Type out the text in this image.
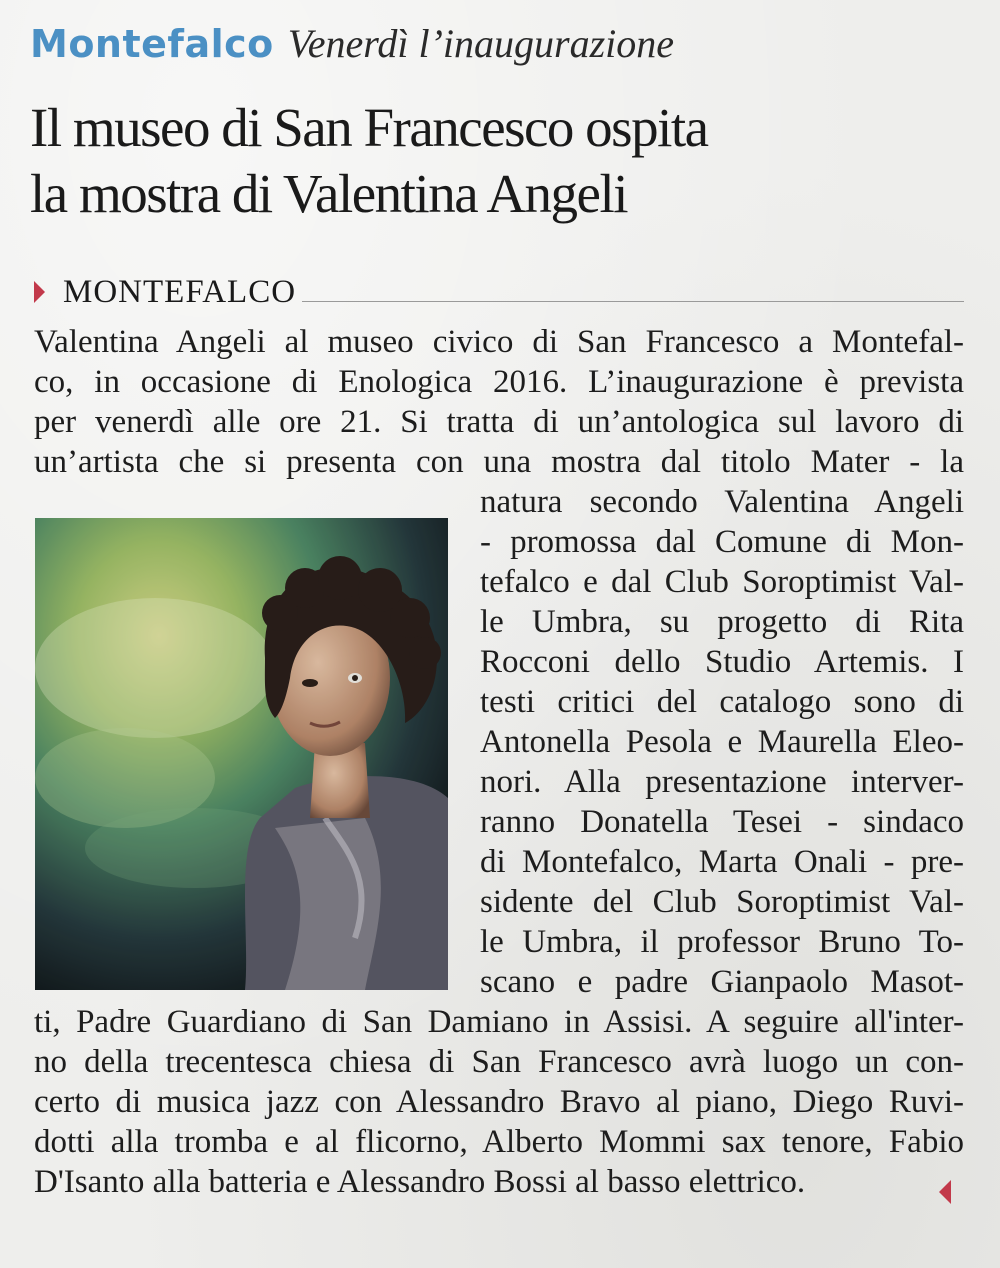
Montefalco Venerdì l’inaugurazione
Il museo di San Francesco ospita
la mostra di Valentina Angeli
MONTEFALCO

Valentina Angeli al museo civico di San Francesco a Montefal-

co, in occasione di Enologica 2016. L’inaugurazione è prevista

per venerdì alle ore 21. Si tratta di un’antologica sul lavoro di

un’artista che si presenta con una mostra dal titolo Mater - la

natura secondo Valentina Angeli

- promossa dal Comune di Mon-

tefalco e dal Club Soroptimist Val-

le Umbra, su progetto di Rita

Rocconi dello Studio Artemis. I

testi critici del catalogo sono di

Antonella Pesola e Maurella Eleo-

nori. Alla presentazione interver-

ranno Donatella Tesei - sindaco

di Montefalco, Marta Onali - pre-

sidente del Club Soroptimist Val-

le Umbra, il professor Bruno To-

scano e padre Gianpaolo Masot-

ti, Padre Guardiano di San Damiano in Assisi. A seguire all'inter-

no della trecentesca chiesa di San Francesco avrà luogo un con-

certo di musica jazz con Alessandro Bravo al piano, Diego Ruvi-

dotti alla tromba e al flicorno, Alberto Mommi sax tenore, Fabio

D'Isanto alla batteria e Alessandro Bossi al basso elettrico.
